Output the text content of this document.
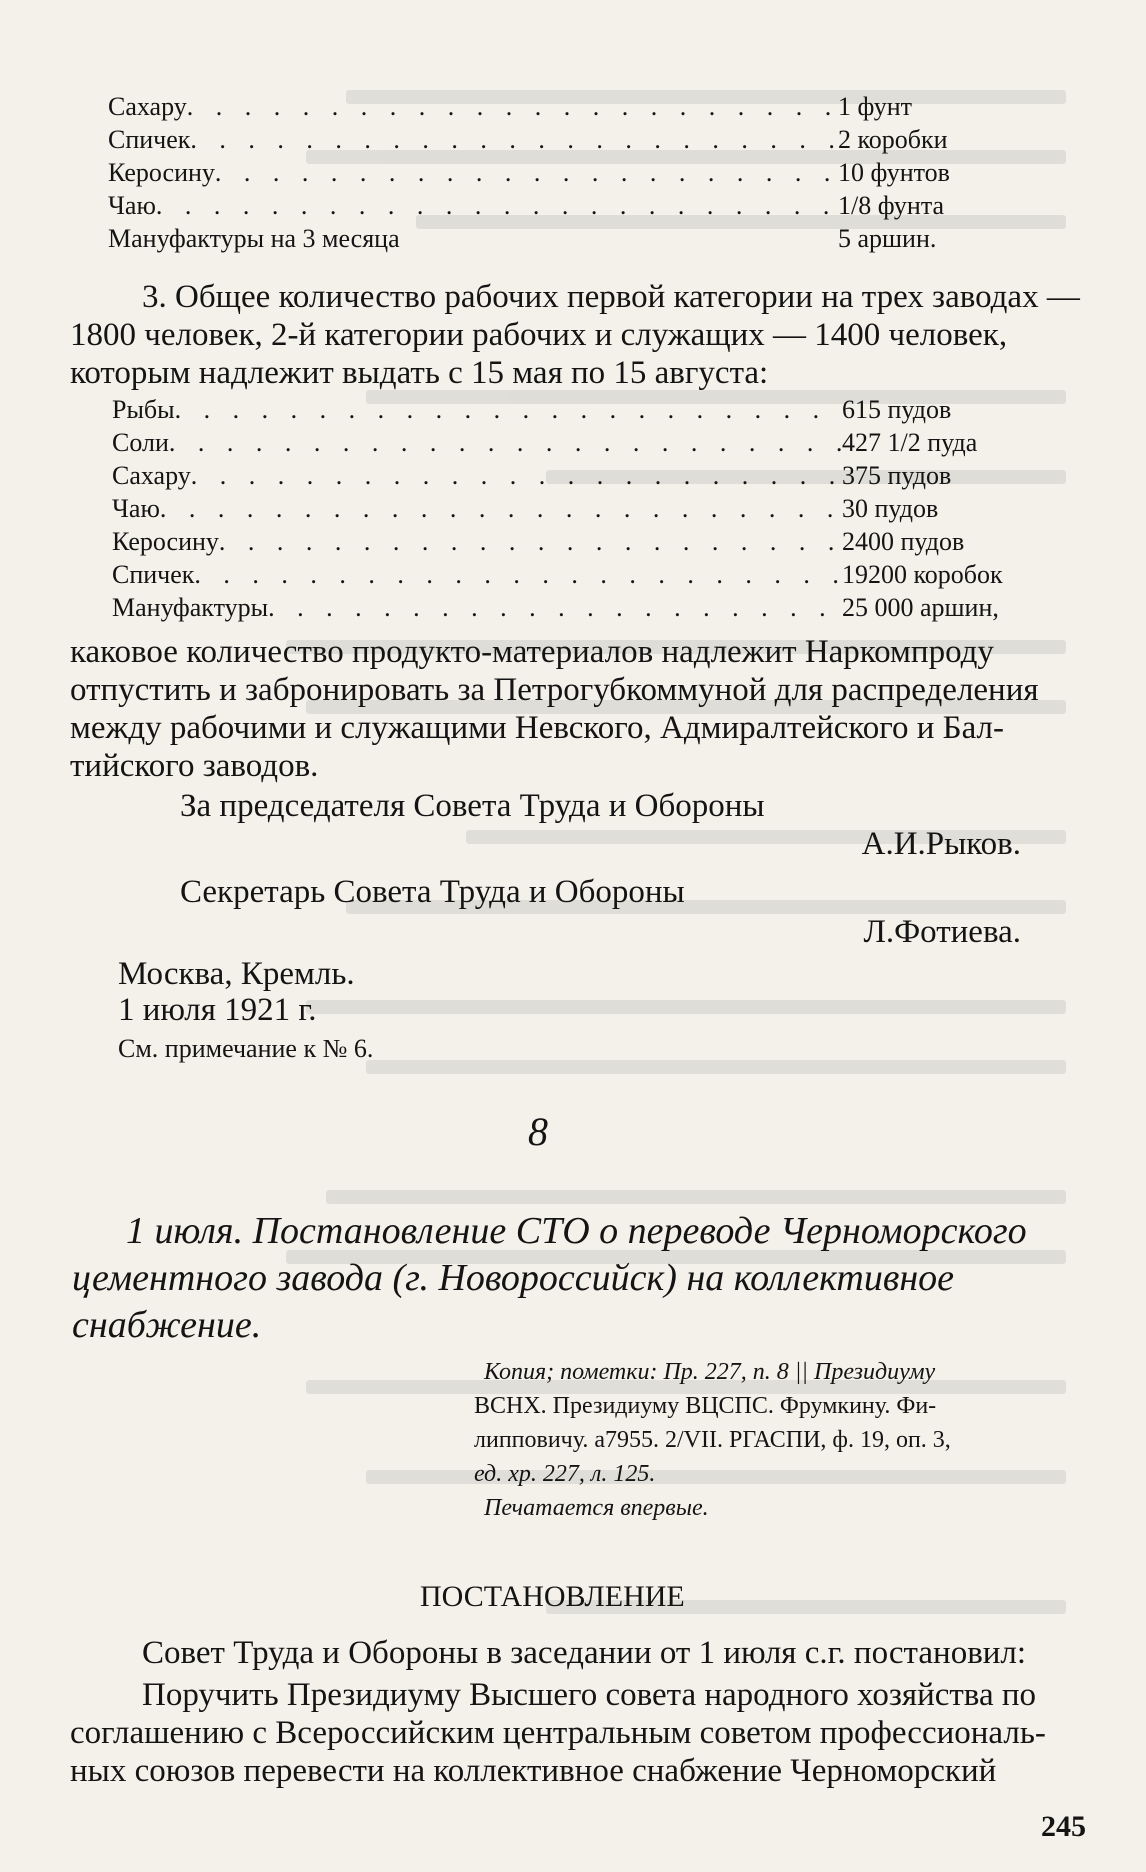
Сахару . . .	1 фунт
Спичек . . .	2 коробки
Керосину . . .	10 фунтов
Чаю . . .	1/8 фунта
Мануфактуры на 3 месяца	5 аршин.
3. Общее количество рабочих первой категории на трех заводах —
1800 человек, 2-й категории рабочих и служащих — 1400 человек,
которым надлежит выдать с 15 мая по 15 августа:
Рыбы . . .	615 пудов
Соли . . .	427 1/2 пуда
Сахару . . .	375 пудов
Чаю . . .	30 пудов
Керосину . . .	2400 пудов
Спичек . . .	19200 коробок
Мануфактуры . . .	25 000 аршин,
каковое количество продукто-материалов надлежит Наркомпроду
отпустить и забронировать за Петрогубкоммуной для распределения
между рабочими и служащими Невского, Адмиралтейского и Бал-
тийского заводов.
За председателя Совета Труда и Обороны
А.И.Рыков.
Секретарь Совета Труда и Обороны
Л.Фотиева.
Москва, Кремль.
1 июля 1921 г.
См. примечание к № 6.
8
1 июля. Постановление СТО о переводе Черноморского
цементного завода (г. Новороссийск) на коллективное
снабжение.
Копия; пометки: Пр. 227, п. 8 || Президиуму
ВСНХ. Президиуму ВЦСПС. Фрумкину. Фи-
липповичу. а7955. 2/VII. РГАСПИ, ф. 19, оп. 3,
ед. хр. 227, л. 125.
Печатается впервые.
ПОСТАНОВЛЕНИЕ
Совет Труда и Обороны в заседании от 1 июля с.г. постановил:
Поручить Президиуму Высшего совета народного хозяйства по
соглашению с Всероссийским центральным советом профессиональ-
ных союзов перевести на коллективное снабжение Черноморский
245
